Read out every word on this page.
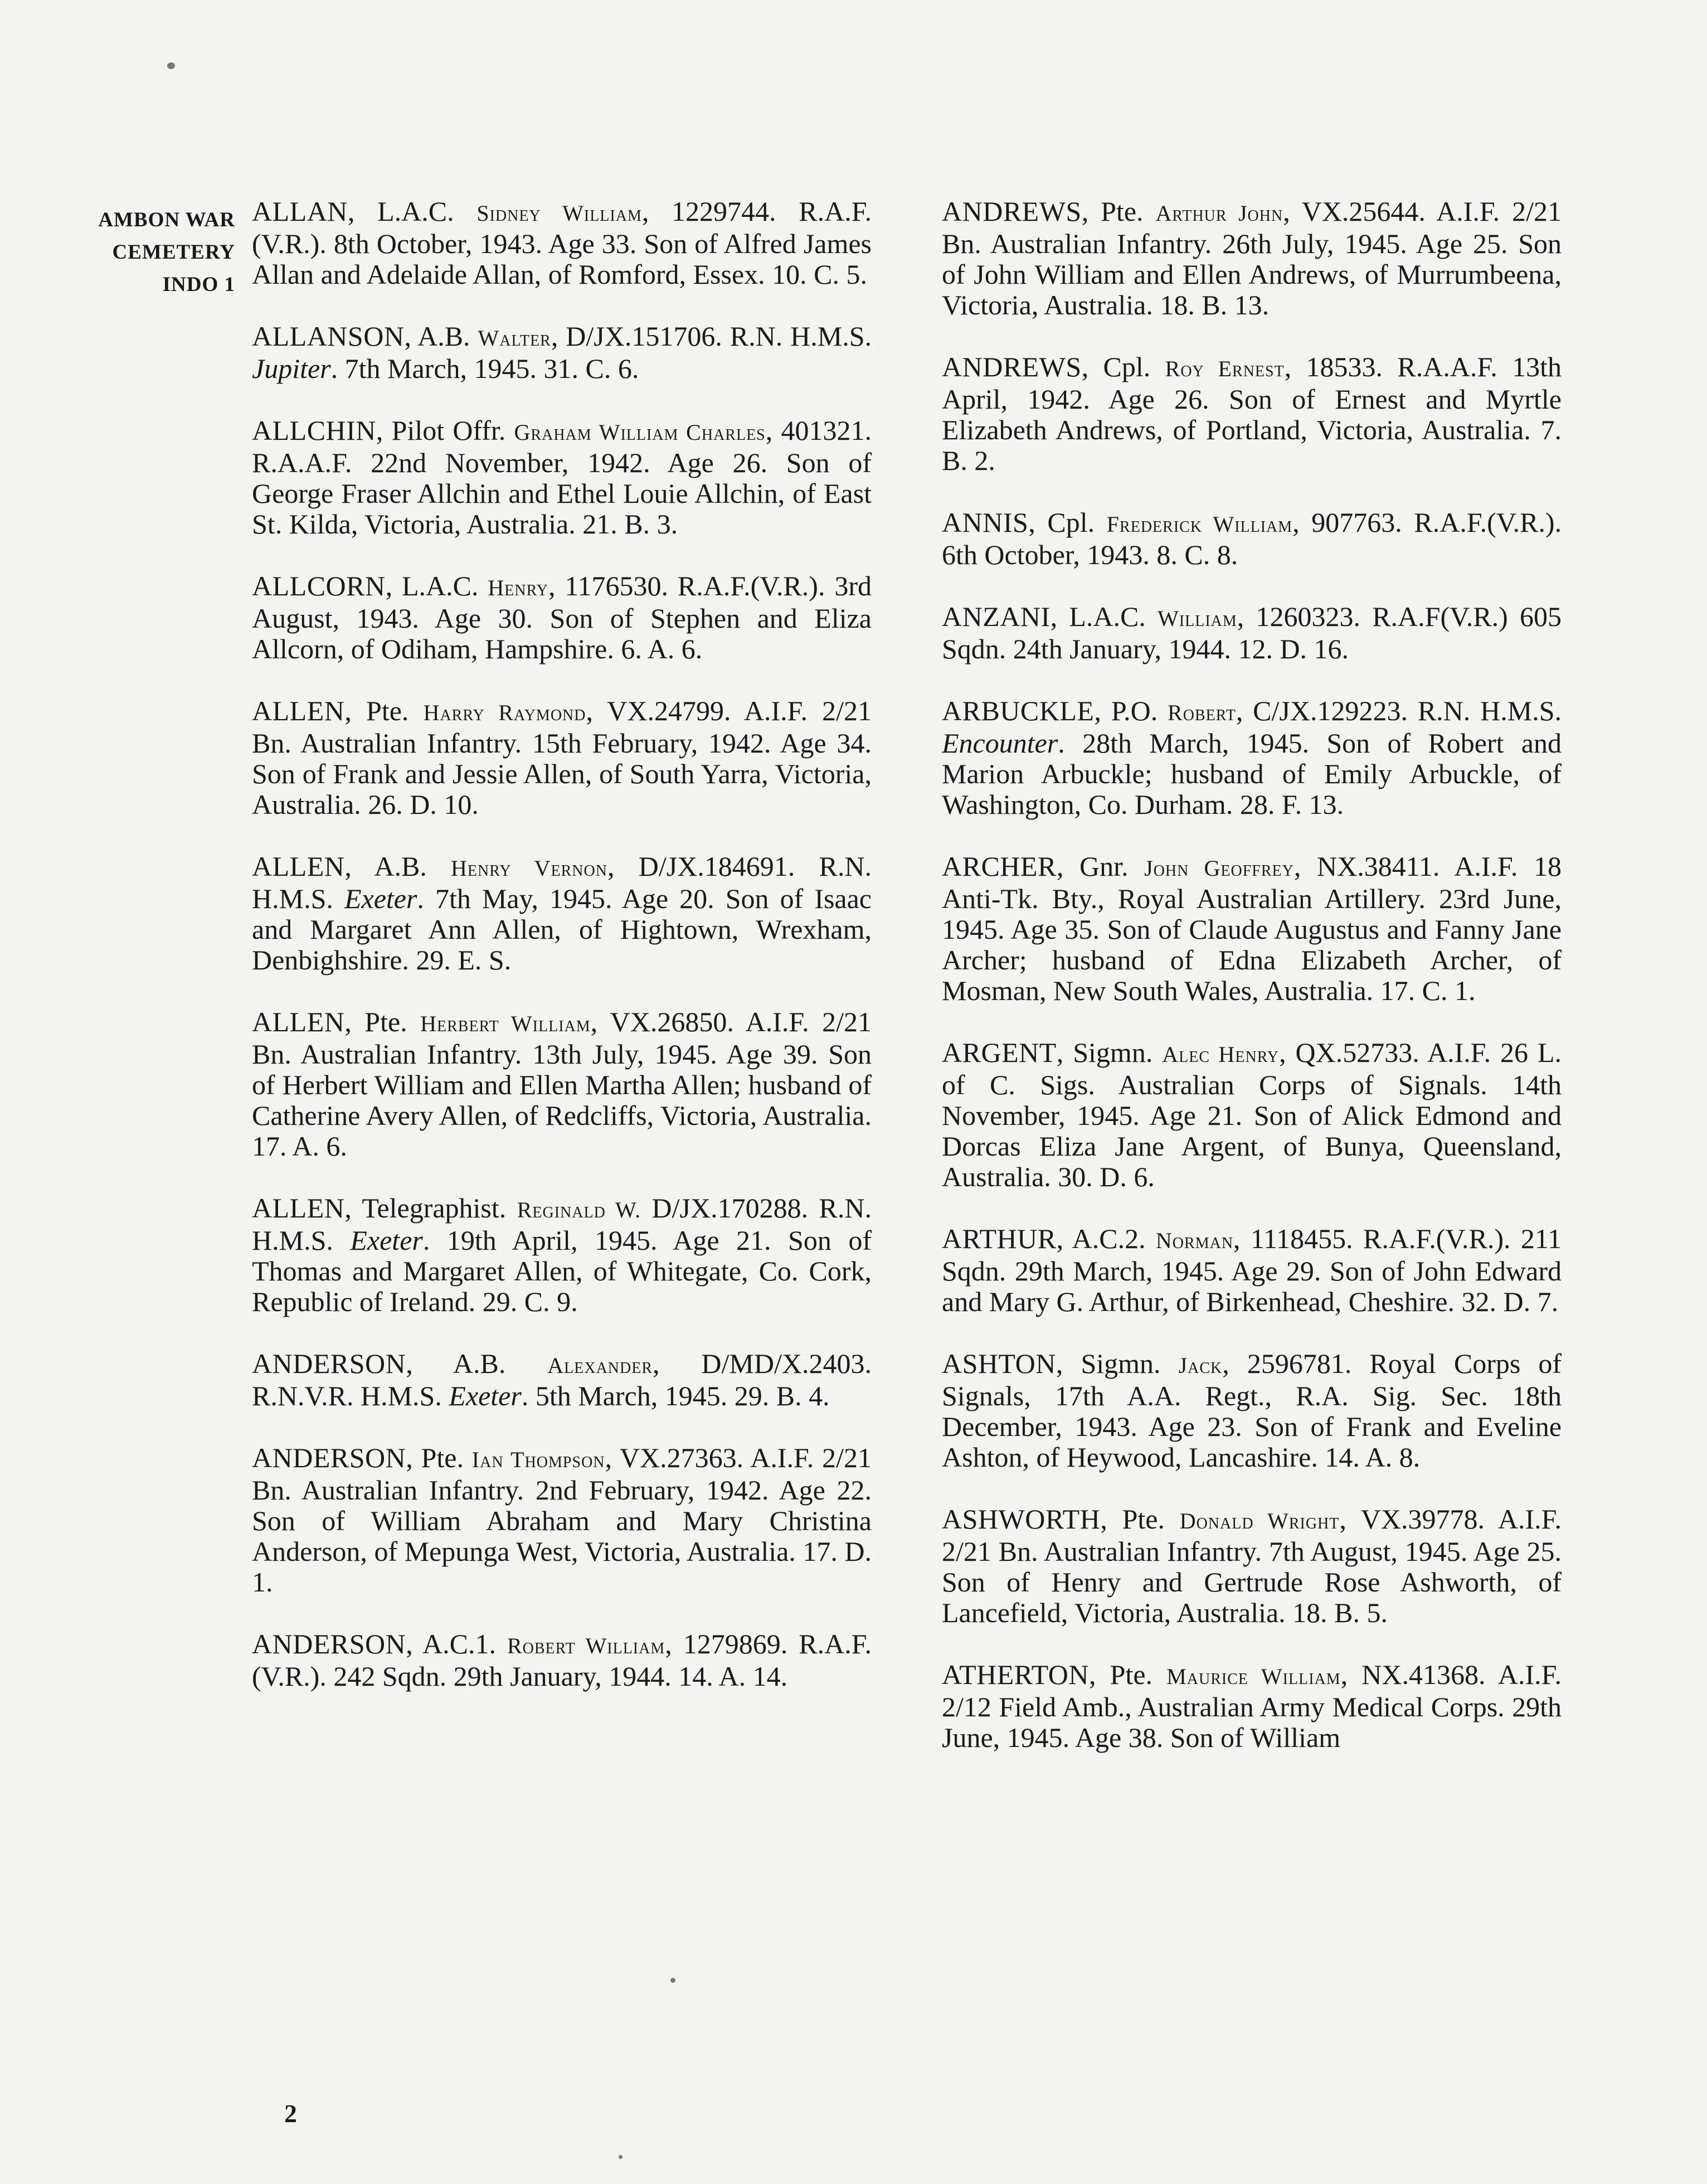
AMBON WAR
CEMETERY
INDO 1

ALLAN, L.A.C. Sidney William, 1229744. R.A.F. (V.R.). 8th October, 1943. Age 33. Son of Alfred James Allan and Adelaide Allan, of Romford, Essex. 10. C. 5.

ALLANSON, A.B. Walter, D/JX.151706. R.N. H.M.S. Jupiter. 7th March, 1945. 31. C. 6.

ALLCHIN, Pilot Offr. Graham William Charles, 401321. R.A.A.F. 22nd November, 1942. Age 26. Son of George Fraser Allchin and Ethel Louie Allchin, of East St. Kilda, Victoria, Australia. 21. B. 3.

ALLCORN, L.A.C. Henry, 1176530. R.A.F.(V.R.). 3rd August, 1943. Age 30. Son of Stephen and Eliza Allcorn, of Odiham, Hampshire. 6. A. 6.

ALLEN, Pte. Harry Raymond, VX.24799. A.I.F. 2/21 Bn. Australian Infantry. 15th February, 1942. Age 34. Son of Frank and Jessie Allen, of South Yarra, Victoria, Australia. 26. D. 10.

ALLEN, A.B. Henry Vernon, D/JX.184691. R.N. H.M.S. Exeter. 7th May, 1945. Age 20. Son of Isaac and Margaret Ann Allen, of Hightown, Wrexham, Denbighshire. 29. E. S.

ALLEN, Pte. Herbert William, VX.26850. A.I.F. 2/21 Bn. Australian Infantry. 13th July, 1945. Age 39. Son of Herbert William and Ellen Martha Allen; husband of Catherine Avery Allen, of Redcliffs, Victoria, Australia. 17. A. 6.

ALLEN, Telegraphist. Reginald W. D/JX.170288. R.N. H.M.S. Exeter. 19th April, 1945. Age 21. Son of Thomas and Margaret Allen, of Whitegate, Co. Cork, Republic of Ireland. 29. C. 9.

ANDERSON, A.B. Alexander, D/MD/X.2403. R.N.V.R. H.M.S. Exeter. 5th March, 1945. 29. B. 4.

ANDERSON, Pte. Ian Thompson, VX.27363. A.I.F. 2/21 Bn. Australian Infantry. 2nd February, 1942. Age 22. Son of William Abraham and Mary Christina Anderson, of Mepunga West, Victoria, Australia. 17. D. 1.

ANDERSON, A.C.1. Robert William, 1279869. R.A.F.(V.R.). 242 Sqdn. 29th January, 1944. 14. A. 14.

ANDREWS, Pte. Arthur John, VX.25644. A.I.F. 2/21 Bn. Australian Infantry. 26th July, 1945. Age 25. Son of John William and Ellen Andrews, of Murrumbeena, Victoria, Australia. 18. B. 13.

ANDREWS, Cpl. Roy Ernest, 18533. R.A.A.F. 13th April, 1942. Age 26. Son of Ernest and Myrtle Elizabeth Andrews, of Portland, Victoria, Australia. 7. B. 2.

ANNIS, Cpl. Frederick William, 907763. R.A.F.(V.R.). 6th October, 1943. 8. C. 8.

ANZANI, L.A.C. William, 1260323. R.A.F(V.R.) 605 Sqdn. 24th January, 1944. 12. D. 16.

ARBUCKLE, P.O. Robert, C/JX.129223. R.N. H.M.S. Encounter. 28th March, 1945. Son of Robert and Marion Arbuckle; husband of Emily Arbuckle, of Washington, Co. Durham. 28. F. 13.

ARCHER, Gnr. John Geoffrey, NX.38411. A.I.F. 18 Anti-Tk. Bty., Royal Australian Artillery. 23rd June, 1945. Age 35. Son of Claude Augustus and Fanny Jane Archer; husband of Edna Elizabeth Archer, of Mosman, New South Wales, Australia. 17. C. 1.

ARGENT, Sigmn. Alec Henry, QX.52733. A.I.F. 26 L. of C. Sigs. Australian Corps of Signals. 14th November, 1945. Age 21. Son of Alick Edmond and Dorcas Eliza Jane Argent, of Bunya, Queensland, Australia. 30. D. 6.

ARTHUR, A.C.2. Norman, 1118455. R.A.F.(V.R.). 211 Sqdn. 29th March, 1945. Age 29. Son of John Edward and Mary G. Arthur, of Birkenhead, Cheshire. 32. D. 7.

ASHTON, Sigmn. Jack, 2596781. Royal Corps of Signals, 17th A.A. Regt., R.A. Sig. Sec. 18th December, 1943. Age 23. Son of Frank and Eveline Ashton, of Heywood, Lancashire. 14. A. 8.

ASHWORTH, Pte. Donald Wright, VX.39778. A.I.F. 2/21 Bn. Australian Infantry. 7th August, 1945. Age 25. Son of Henry and Gertrude Rose Ashworth, of Lancefield, Victoria, Australia. 18. B. 5.

ATHERTON, Pte. Maurice William, NX.41368. A.I.F. 2/12 Field Amb., Australian Army Medical Corps. 29th June, 1945. Age 38. Son of William

2
